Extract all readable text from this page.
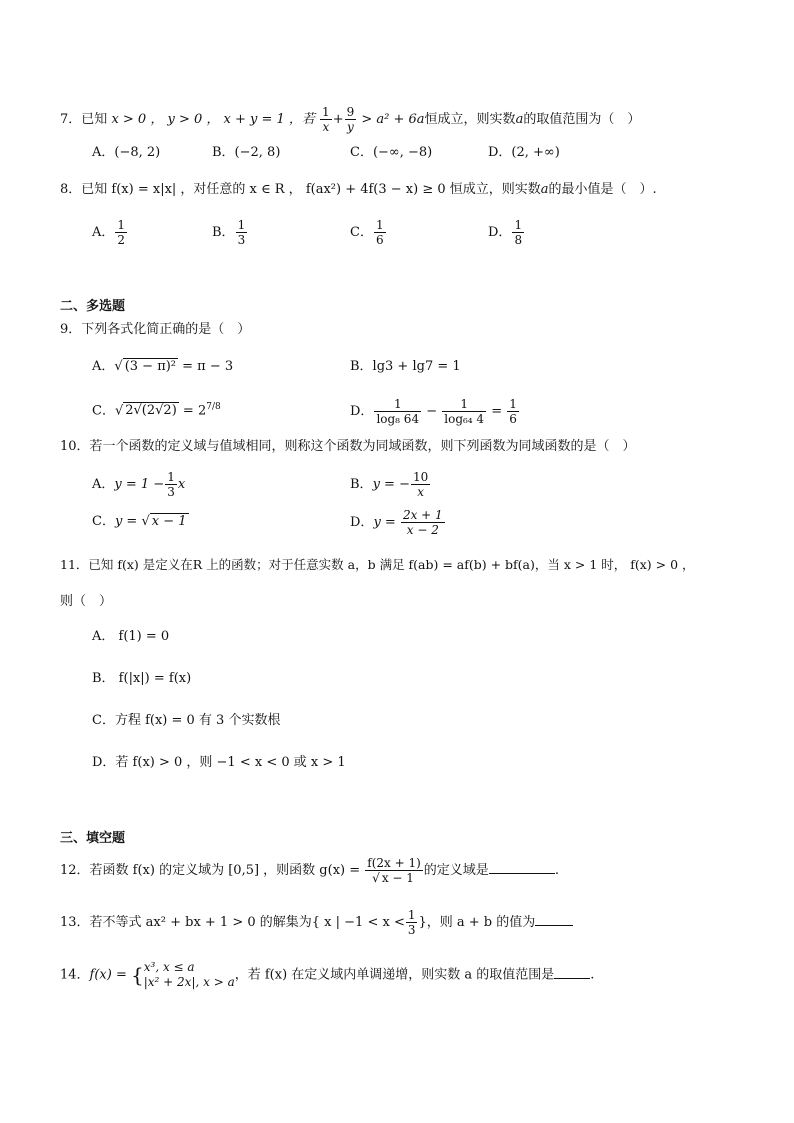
7．已知 x > 0 ， y > 0 ， x + y = 1 ，若 $\frac{1}{x} + \frac{9}{y} > a^2 + 6a$恒成立，则实数a的取值范围为（　）
A．(−8, 2)	B．(−2, 8)	C．(−∞, −8)	D．(2, +∞)
8．已知 f(x) = x|x| ，对任意的 x ∈ R ， f(ax²) + 4f(3 − x) ≥ 0 恒成立，则实数a的最小值是（　）.
A． $\frac{1}{2}$	B． $\frac{1}{3}$	C． $\frac{1}{6}$	D． $\frac{1}{8}$
二、多选题
9．下列各式化简正确的是（　）
A．√ (3 − π)² = π − 3	B．lg3 + lg7 = 1
C．√ $2√(2√2) = 2^{7/8}$	D． $\frac{1}{\text{log₈ 64}} - \frac{1}{\text{log₆₄ 4}} = \frac{1}{6}$
10．若一个函数的定义域与值域相同，则称这个函数为同域函数，则下列函数为同域函数的是（　）
A．$y = 1 - \frac{1}{3}$ x	B．y = − $\frac{10}{x}$
C．y = √ x − 1	D．$y = \frac{2x + 1}{x - 2}$
11．已知 f(x) 是定义在R 上的函数；对于任意实数 a，b 满足 f(ab) = af(b) + bf(a)，当 x > 1 时， f(x) > 0 ，
则（　）
A． f(1) = 0
B． f(|x|) = f(x)
C．方程 f(x) = 0 有 3 个实数根
D．若 f(x) > 0 ，则 −1 < x < 0 或 x > 1
三、填空题
12．若函数 f(x) 的定义域为 [0,5] ，则函数 $g(x) = \frac{f(2x + 1)}{√ x - 1}$ 的定义域是	.
13．若不等式 ax² + bx + 1 > 0 的解集为{ x | $-1 < x < \frac{1}{3}$ }，则 a + b 的值为
14．f(x) = { x³, x ≤ a
|x² + 2x|, x > a ，若 f(x) 在定义域内单调递增，则实数 a 的取值范围是	.
